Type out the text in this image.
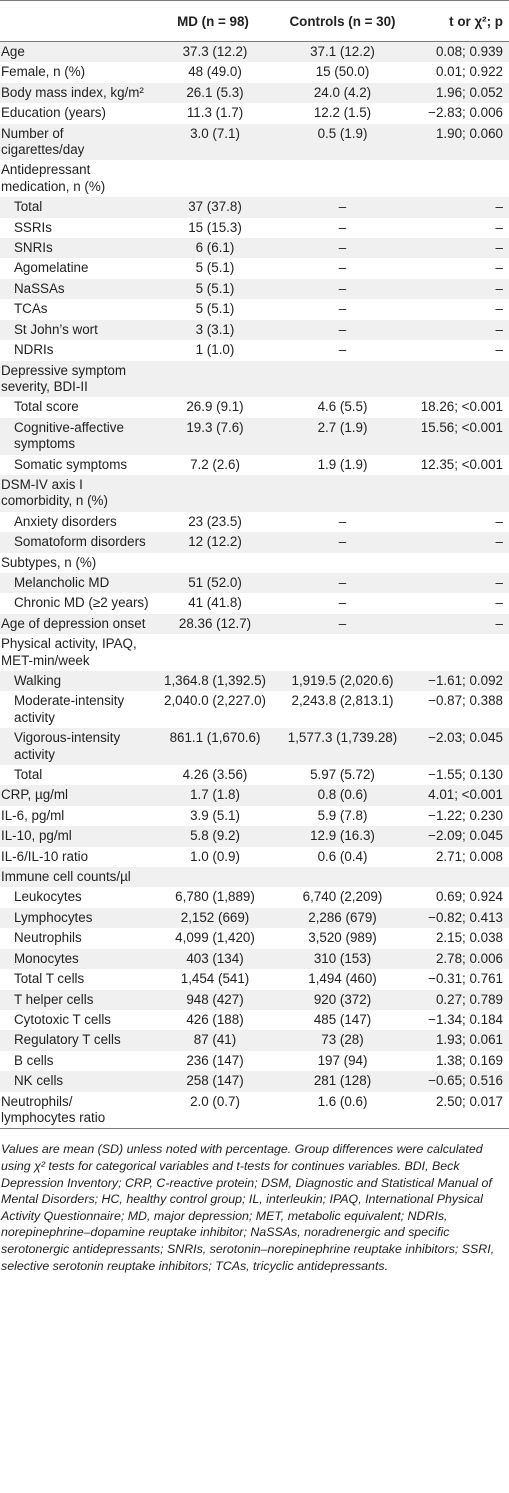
	MD (n = 98)	Controls (n = 30)	t or χ²; p
Age	37.3 (12.2)	37.1 (12.2)	0.08; 0.939
Female, n (%)	48 (49.0)	15 (50.0)	0.01; 0.922
Body mass index, kg/m²	26.1 (5.3)	24.0 (4.2)	1.96; 0.052
Education (years)	11.3 (1.7)	12.2 (1.5)	−2.83; 0.006
Number of cigarettes/day	3.0 (7.1)	0.5 (1.9)	1.90; 0.060
Antidepressant medication, n (%)			
Total	37 (37.8)	–	–
SSRIs	15 (15.3)	–	–
SNRIs	6 (6.1)	–	–
Agomelatine	5 (5.1)	–	–
NaSSAs	5 (5.1)	–	–
TCAs	5 (5.1)	–	–
St John’s wort	3 (3.1)	–	–
NDRIs	1 (1.0)	–	–
Depressive symptom severity, BDI-II			
Total score	26.9 (9.1)	4.6 (5.5)	18.26; <0.001
Cognitive-affective symptoms	19.3 (7.6)	2.7 (1.9)	15.56; <0.001
Somatic symptoms	7.2 (2.6)	1.9 (1.9)	12.35; <0.001
DSM-IV axis I comorbidity, n (%)			
Anxiety disorders	23 (23.5)	–	–
Somatoform disorders	12 (12.2)	–	–
Subtypes, n (%)			
Melancholic MD	51 (52.0)	–	–
Chronic MD (≥2 years)	41 (41.8)	–	–
Age of depression onset	28.36 (12.7)	–	–
Physical activity, IPAQ, MET-min/week			
Walking	1,364.8 (1,392.5)	1,919.5 (2,020.6)	−1.61; 0.092
Moderate-intensity activity	2,040.0 (2,227.0)	2,243.8 (2,813.1)	−0.87; 0.388
Vigorous-intensity activity	861.1 (1,670.6)	1,577.3 (1,739.28)	−2.03; 0.045
Total	4.26 (3.56)	5.97 (5.72)	−1.55; 0.130
CRP, µg/ml	1.7 (1.8)	0.8 (0.6)	4.01; <0.001
IL-6, pg/ml	3.9 (5.1)	5.9 (7.8)	−1.22; 0.230
IL-10, pg/ml	5.8 (9.2)	12.9 (16.3)	−2.09; 0.045
IL-6/IL-10 ratio	1.0 (0.9)	0.6 (0.4)	2.71; 0.008
Immune cell counts/µl			
Leukocytes	6,780 (1,889)	6,740 (2,209)	0.69; 0.924
Lymphocytes	2,152 (669)	2,286 (679)	−0.82; 0.413
Neutrophils	4,099 (1,420)	3,520 (989)	2.15; 0.038
Monocytes	403 (134)	310 (153)	2.78; 0.006
Total T cells	1,454 (541)	1,494 (460)	−0.31; 0.761
T helper cells	948 (427)	920 (372)	0.27; 0.789
Cytotoxic T cells	426 (188)	485 (147)	−1.34; 0.184
Regulatory T cells	87 (41)	73 (28)	1.93; 0.061
B cells	236 (147)	197 (94)	1.38; 0.169
NK cells	258 (147)	281 (128)	−0.65; 0.516
Neutrophils/ lymphocytes ratio	2.0 (0.7)	1.6 (0.6)	2.50; 0.017
Values are mean (SD) unless noted with percentage. Group differences were calculated using χ² tests for categorical variables and t-tests for continues variables. BDI, Beck Depression Inventory; CRP, C-reactive protein; DSM, Diagnostic and Statistical Manual of Mental Disorders; HC, healthy control group; IL, interleukin; IPAQ, International Physical Activity Questionnaire; MD, major depression; MET, metabolic equivalent; NDRIs, norepinephrine–dopamine reuptake inhibitor; NaSSAs, noradrenergic and specific serotonergic antidepressants; SNRIs, serotonin–norepinephrine reuptake inhibitors; SSRI, selective serotonin reuptake inhibitors; TCAs, tricyclic antidepressants.
